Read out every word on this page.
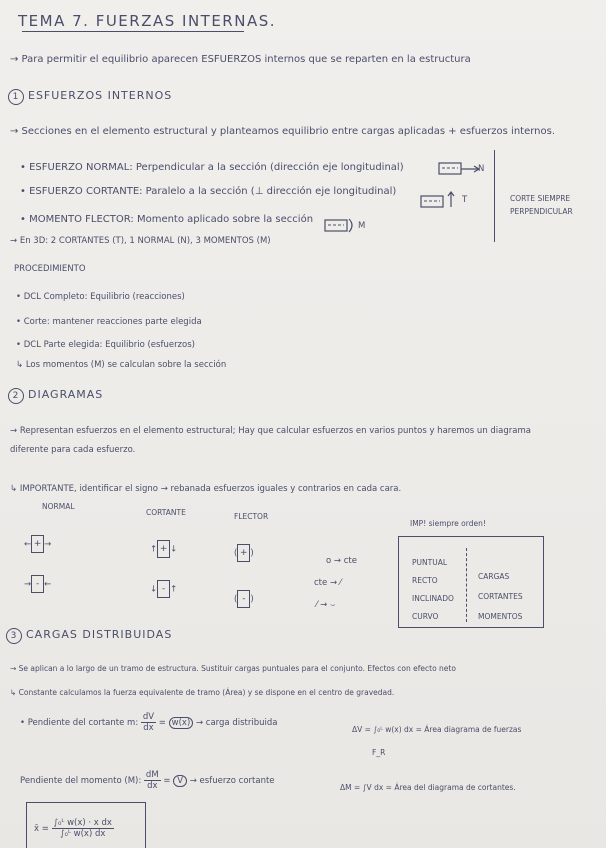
TEMA 7. FUERZAS INTERNAS.
→ Para permitir el equilibrio aparecen ESFUERZOS internos que se reparten en la estructura
1 ESFUERZOS INTERNOS
→ Secciones en el elemento estructural y planteamos equilibrio entre cargas aplicadas + esfuerzos internos.
• ESFUERZO NORMAL: Perpendicular a la sección (dirección eje longitudinal)	N
• ESFUERZO CORTANTE: Paralelo a la sección (⊥ dirección eje longitudinal)
T
• MOMENTO FLECTOR: Momento aplicado sobre la sección
M
CORTE SIEMPRE PERPENDICULAR
→ En 3D: 2 CORTANTES (T), 1 NORMAL (N), 3 MOMENTOS (M)
PROCEDIMIENTO
• DCL Completo: Equilibrio (reacciones)
• Corte: mantener reacciones parte elegida
• DCL Parte elegida: Equilibrio (esfuerzos)
↳ Los momentos (M) se calculan sobre la sección
2 DIAGRAMAS
→ Representan esfuerzos en el elemento estructural; Hay que calcular esfuerzos en varios puntos y haremos un diagrama
diferente para cada esfuerzo.
↳ IMPORTANTE, identificar el signo → rebanada esfuerzos iguales y contrarios en cada cara.
NORMAL
CORTANTE	FLECTOR
← + →
→ - ←
↑ + ↓
↓ - ↑
( + )
( - )
o → cte
cte → ⁄
⁄ → ⌣
IMP! siempre orden!
PUNTUAL
RECTO
INCLINADO
CURVO
CARGAS
CORTANTES
MOMENTOS
3 CARGAS DISTRIBUIDAS
→ Se aplican a lo largo de un tramo de estructura. Sustituir cargas puntuales para el conjunto. Efectos con efecto neto
↳ Constante calculamos la fuerza equivalente de tramo (Área) y se dispone en el centro de gravedad.
• Pendiente del cortante m: $\frac{dV}{dx} = w(x)$ → carga distribuida
ΔV = ∫₀ᴸ w(x) dx = Área diagrama de fuerzas
F_R
Pendiente del momento (M): $\frac{dM}{dx} = V$ → esfuerzo cortante
ΔM = ∫V dx = Área del diagrama de cortantes.
x̄ = $\frac{\text{∫₀ᴸ w(x) · x dx}}{\text{∫₀ᴸ w(x) dx}}$
